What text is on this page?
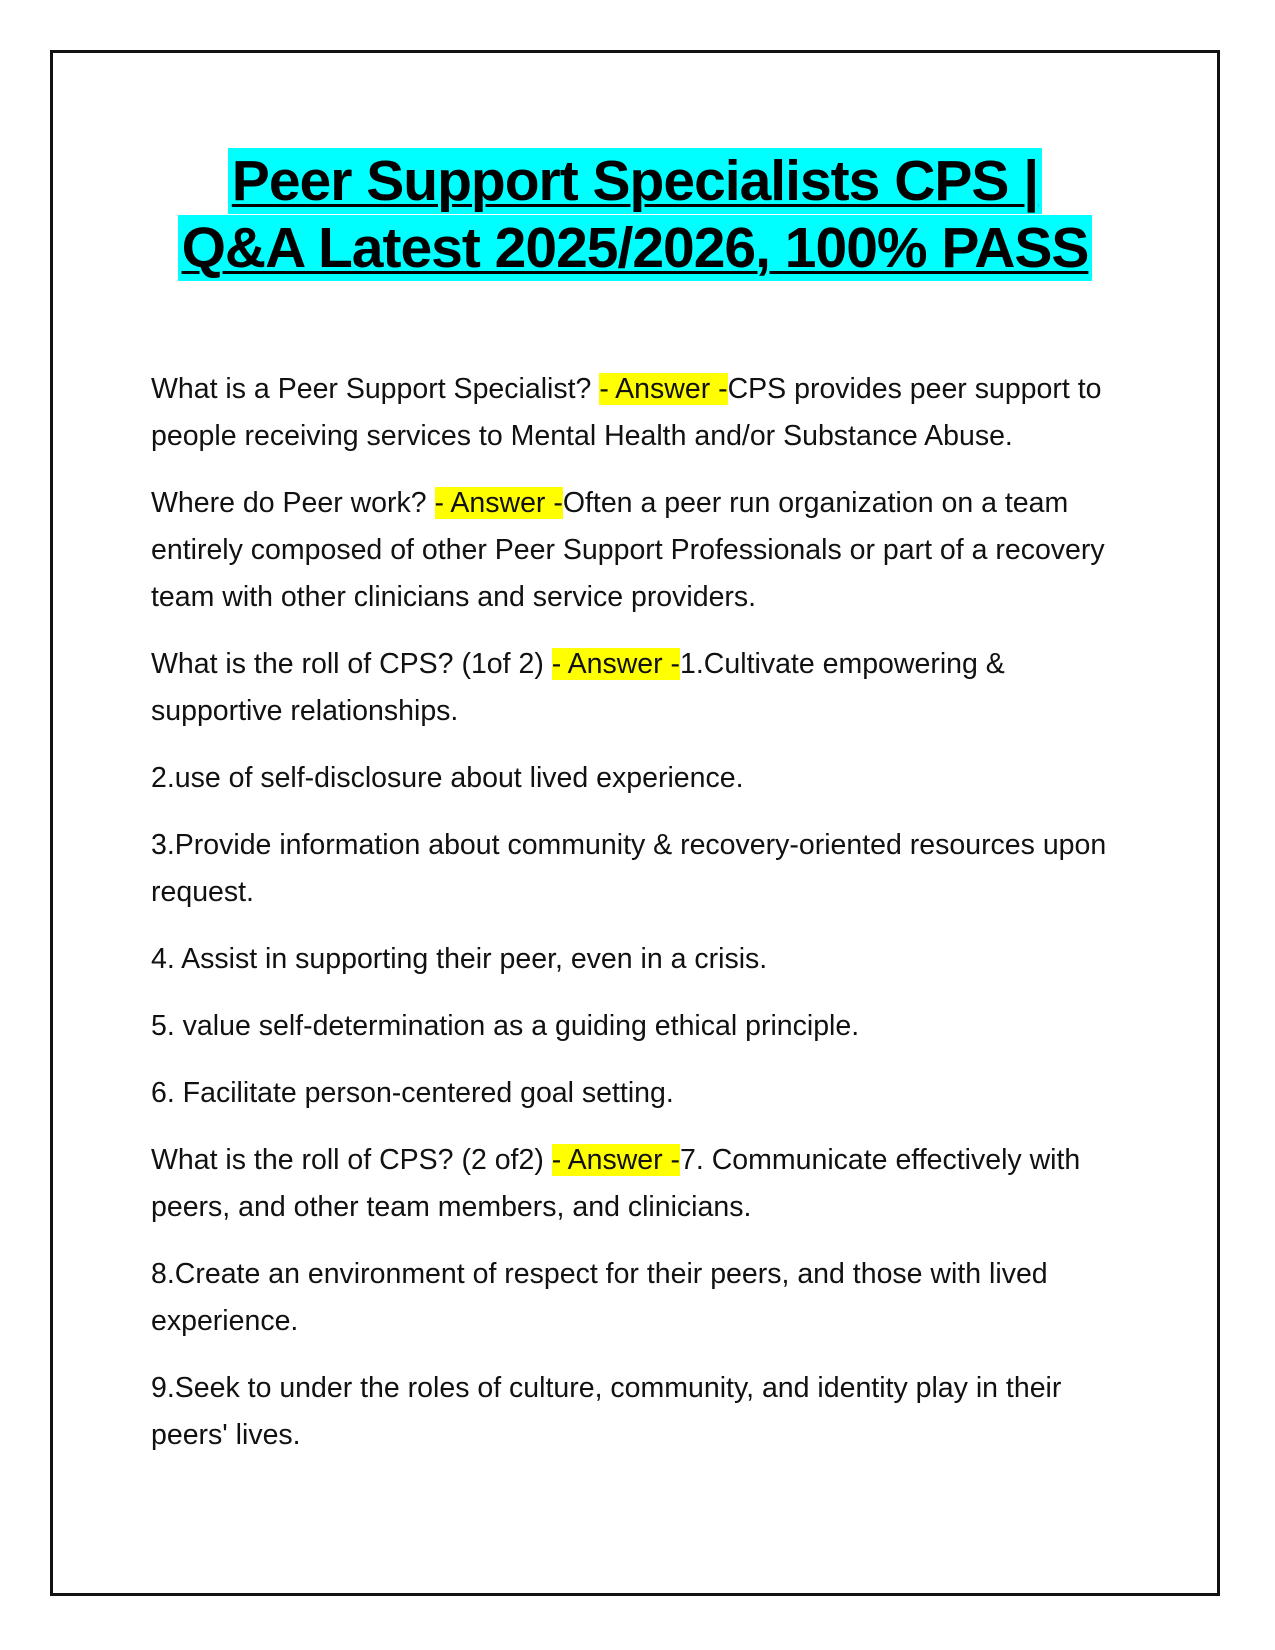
Peer Support Specialists CPS |
Q&A Latest 2025/2026, 100% PASS

What is a Peer Support Specialist? - Answer -CPS provides peer support to people receiving services to Mental Health and/or Substance Abuse.

Where do Peer work? - Answer -Often a peer run organization on a team entirely composed of other Peer Support Professionals or part of a recovery team with other clinicians and service providers.

What is the roll of CPS? (1of 2) - Answer -1.Cultivate empowering & supportive relationships.

2.use of self-disclosure about lived experience.

3.Provide information about community & recovery-oriented resources upon request.

4. Assist in supporting their peer, even in a crisis.

5. value self-determination as a guiding ethical principle.

6. Facilitate person-centered goal setting.

What is the roll of CPS? (2 of2) - Answer -7. Communicate effectively with peers, and other team members, and clinicians.

8.Create an environment of respect for their peers, and those with lived experience.

9.Seek to under the roles of culture, community, and identity play in their peers' lives.
